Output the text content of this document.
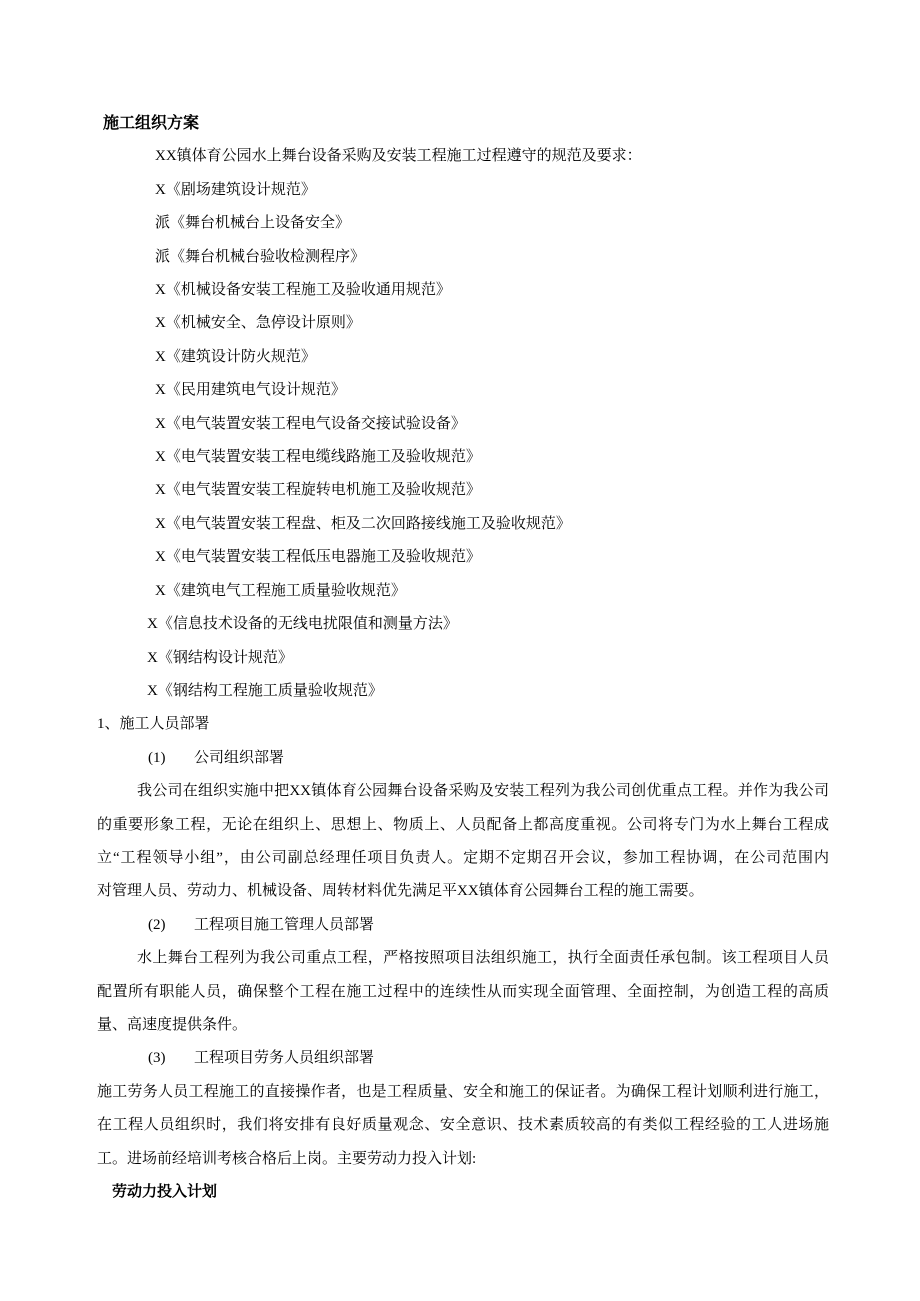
施工组织方案
XX镇体育公园水上舞台设备采购及安装工程施工过程遵守的规范及要求：
X《剧场建筑设计规范》
派《舞台机械台上设备安全》
派《舞台机械台验收检测程序》
X《机械设备安装工程施工及验收通用规范》
X《机械安全、急停设计原则》
X《建筑设计防火规范》
X《民用建筑电气设计规范》
X《电气装置安装工程电气设备交接试验设备》
X《电气装置安装工程电缆线路施工及验收规范》
X《电气装置安装工程旋转电机施工及验收规范》
X《电气装置安装工程盘、柜及二次回路接线施工及验收规范》
X《电气装置安装工程低压电器施工及验收规范》
X《建筑电气工程施工质量验收规范》
X《信息技术设备的无线电扰限值和测量方法》
X《钢结构设计规范》
X《钢结构工程施工质量验收规范》
1、施工人员部署
(1) 公司组织部署
我公司在组织实施中把XX镇体育公园舞台设备采购及安装工程列为我公司创优重点工程。并作为我公司
的重要形象工程，无论在组织上、思想上、物质上、人员配备上都高度重视。公司将专门为水上舞台工程成
立“工程领导小组”，由公司副总经理任项目负责人。定期不定期召开会议，参加工程协调，在公司范围内
对管理人员、劳动力、机械设备、周转材料优先满足平XX镇体育公园舞台工程的施工需要。
(2) 工程项目施工管理人员部署
水上舞台工程列为我公司重点工程，严格按照项目法组织施工，执行全面责任承包制。该工程项目人员
配置所有职能人员，确保整个工程在施工过程中的连续性从而实现全面管理、全面控制，为创造工程的高质
量、高速度提供条件。
(3) 工程项目劳务人员组织部署
施工劳务人员工程施工的直接操作者，也是工程质量、安全和施工的保证者。为确保工程计划顺利进行施工，
在工程人员组织时，我们将安排有良好质量观念、安全意识、技术素质较高的有类似工程经验的工人进场施
工。进场前经培训考核合格后上岗。主要劳动力投入计划:
劳动力投入计划
